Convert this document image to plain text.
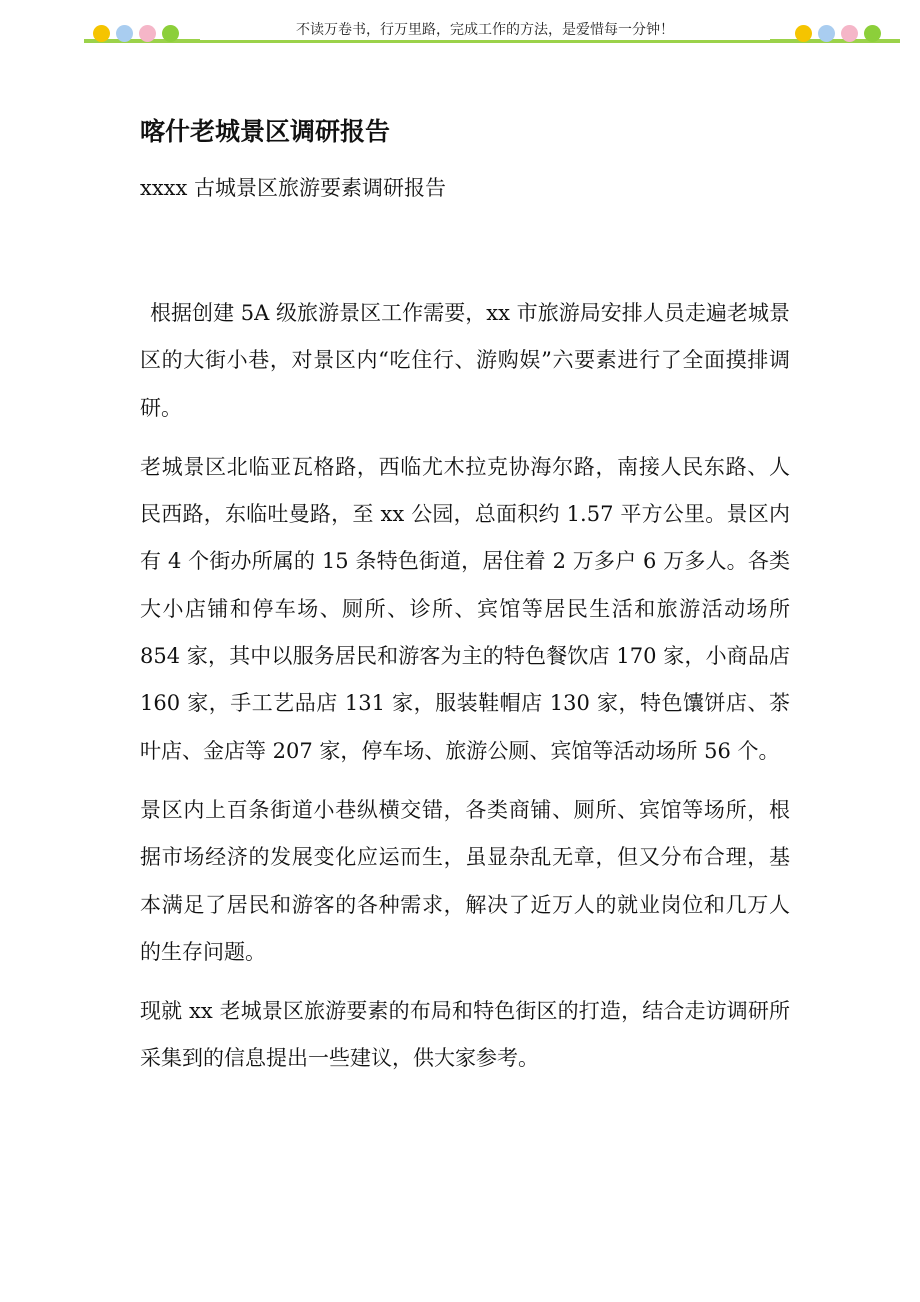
不读万卷书，行万里路，完成工作的方法，是爱惜每一分钟！
喀什老城景区调研报告
xxxx 古城景区旅游要素调研报告

根据创建 5A 级旅游景区工作需要，xx 市旅游局安排人员走遍老城景区的大街小巷，对景区内“吃住行、游购娱”六要素进行了全面摸排调研。

老城景区北临亚瓦格路，西临尤木拉克协海尔路，南接人民东路、人民西路，东临吐曼路，至 xx 公园，总面积约 1.57 平方公里。景区内有 4 个街办所属的 15 条特色街道，居住着 2 万多户 6 万多人。各类大小店铺和停车场、厕所、诊所、宾馆等居民生活和旅游活动场所 854 家，其中以服务居民和游客为主的特色餐饮店 170 家，小商品店 160 家，手工艺品店 131 家，服装鞋帽店 130 家，特色馕饼店、茶叶店、金店等 207 家，停车场、旅游公厕、宾馆等活动场所 56 个。

景区内上百条街道小巷纵横交错，各类商铺、厕所、宾馆等场所，根据市场经济的发展变化应运而生，虽显杂乱无章，但又分布合理，基本满足了居民和游客的各种需求，解决了近万人的就业岗位和几万人的生存问题。

现就 xx 老城景区旅游要素的布局和特色街区的打造，结合走访调研所采集到的信息提出一些建议，供大家参考。
